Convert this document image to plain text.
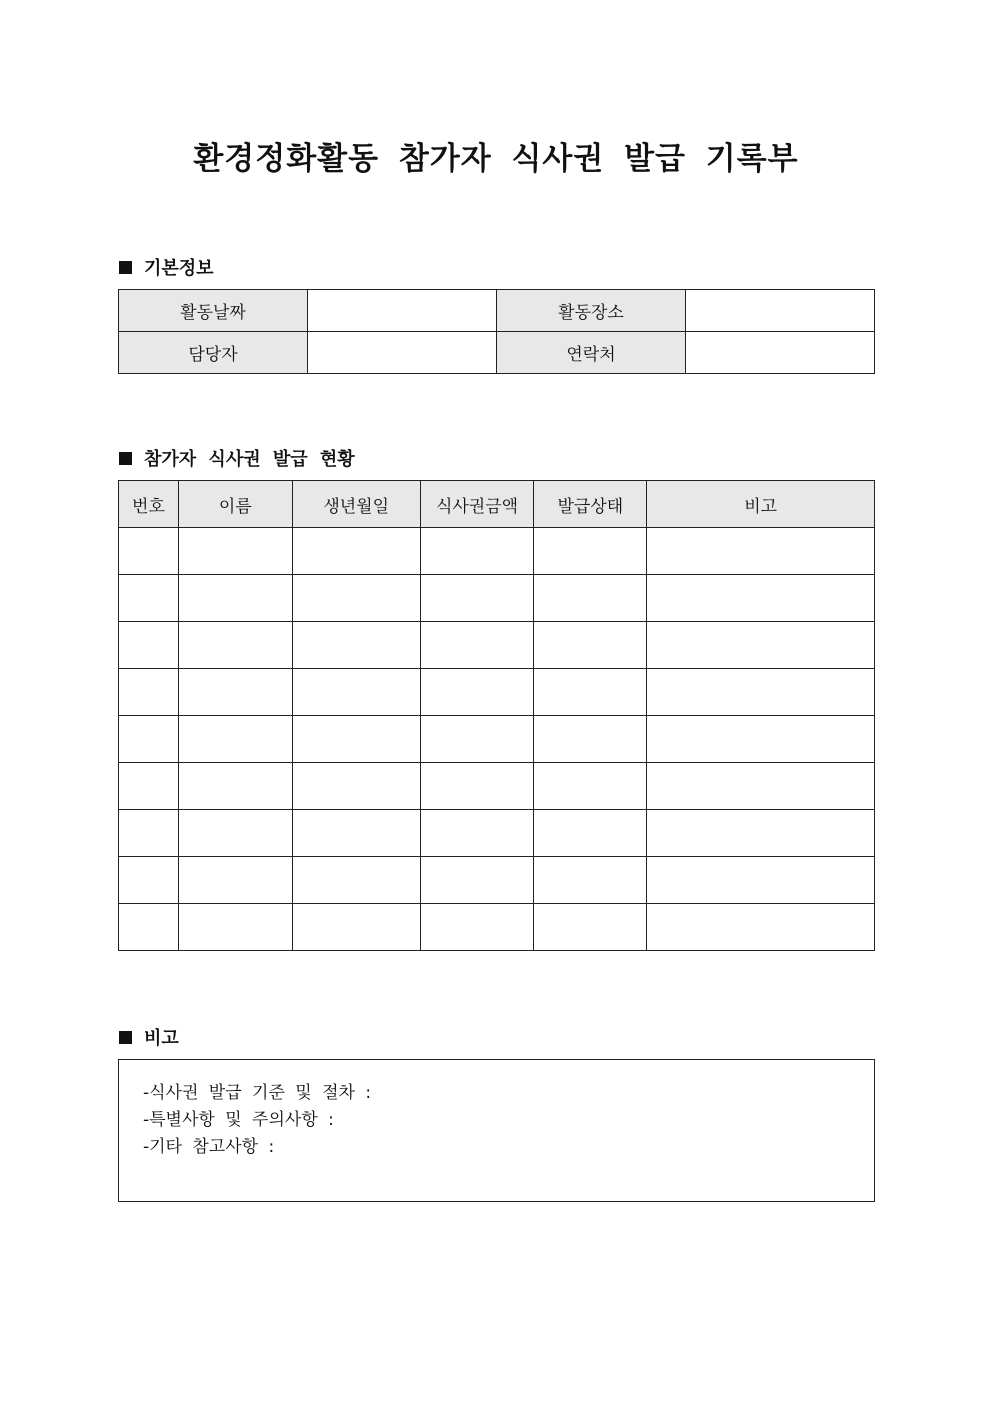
환경정화활동 참가자 식사권 발급 기록부
기본정보
활동날짜		활동장소	
담당자		연락처	
참가자 식사권 발급 현황
번호	이름	생년월일	식사권금액	발급상태	비고

비고
-식사권 발급 기준 및 절차 :
-특별사항 및 주의사항 :
-기타 참고사항 :
